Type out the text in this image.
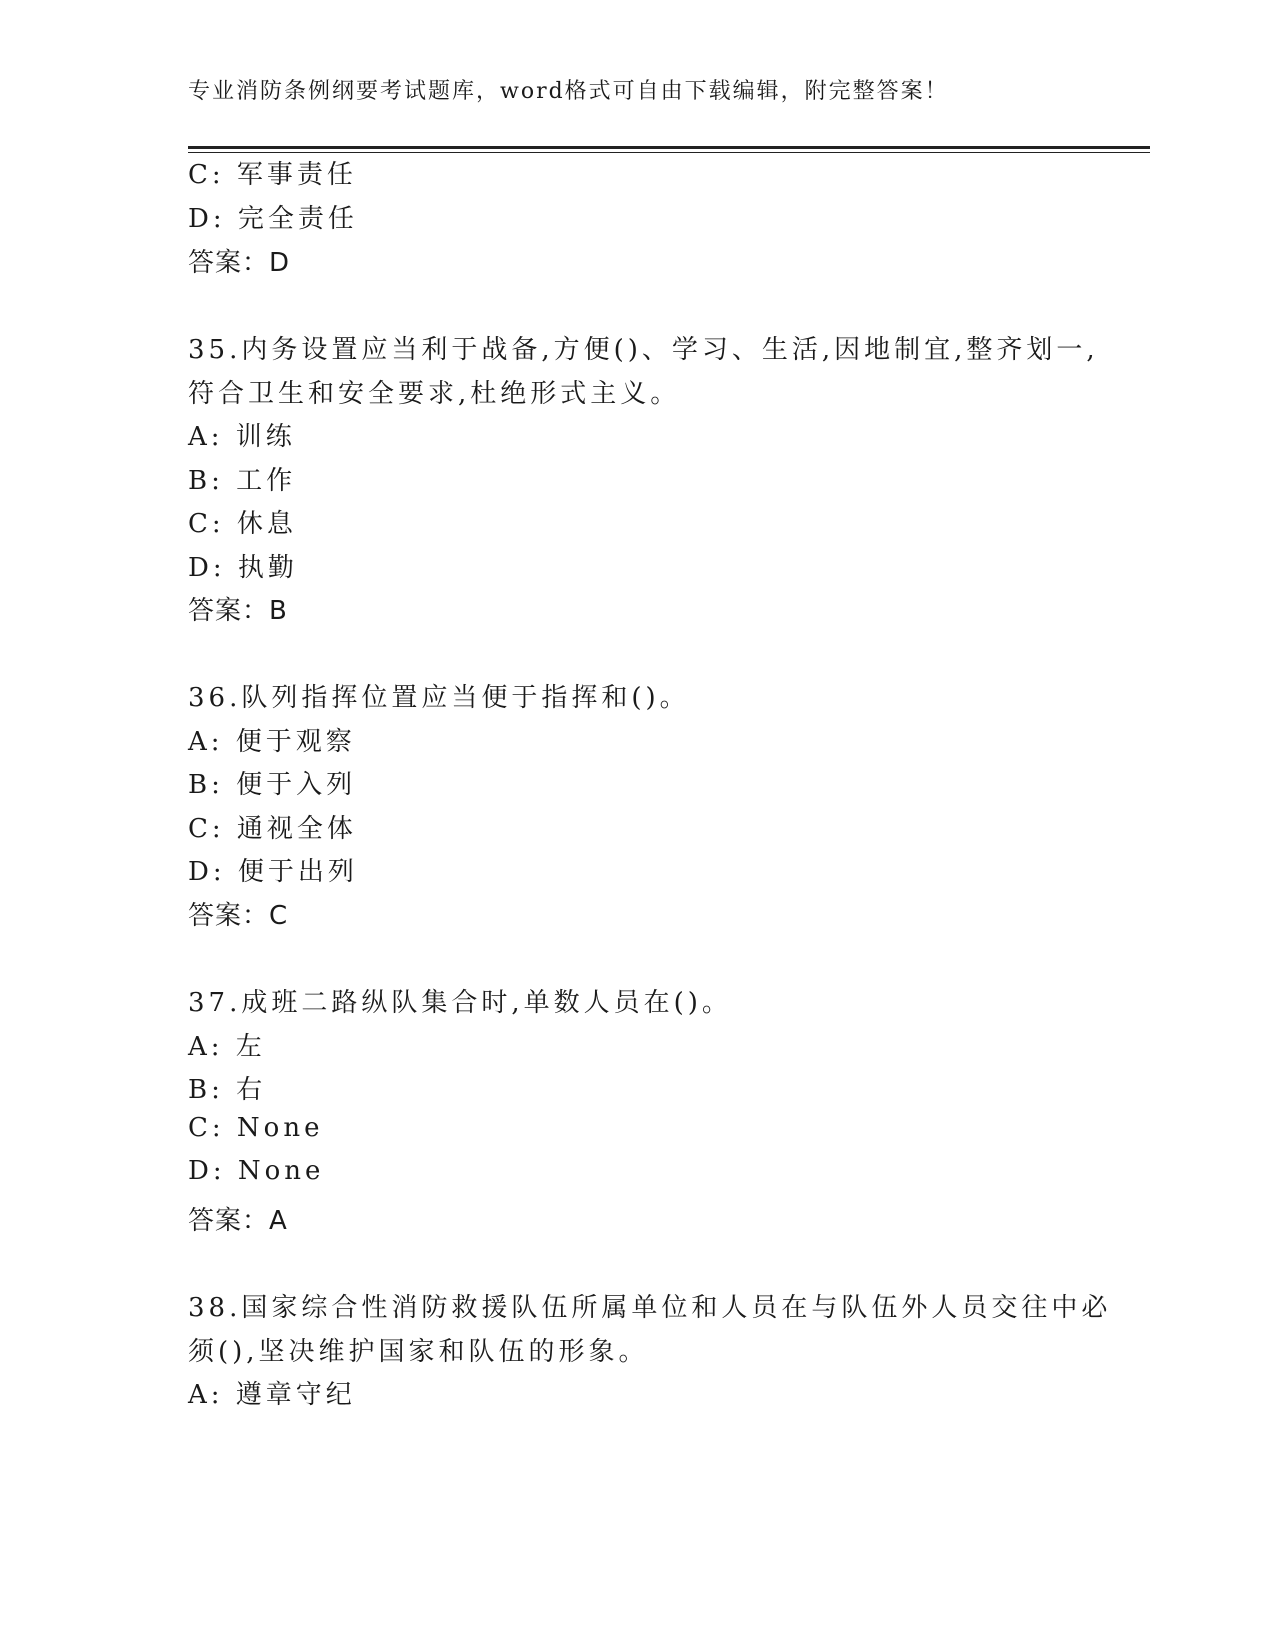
专业消防条例纲要考试题库，word格式可自由下载编辑，附完整答案！
C: 军事责任
D: 完全责任
答案：D
35.内务设置应当利于战备,方便()、学习、生活,因地制宜,整齐划一,
符合卫生和安全要求,杜绝形式主义。
A: 训练
B: 工作
C: 休息
D: 执勤
答案：B
36.队列指挥位置应当便于指挥和()。
A: 便于观察
B: 便于入列
C: 通视全体
D: 便于出列
答案：C
37.成班二路纵队集合时,单数人员在()。
A: 左
B: 右
C: None
D: None
答案：A
38.国家综合性消防救援队伍所属单位和人员在与队伍外人员交往中必
须(),坚决维护国家和队伍的形象。
A: 遵章守纪
